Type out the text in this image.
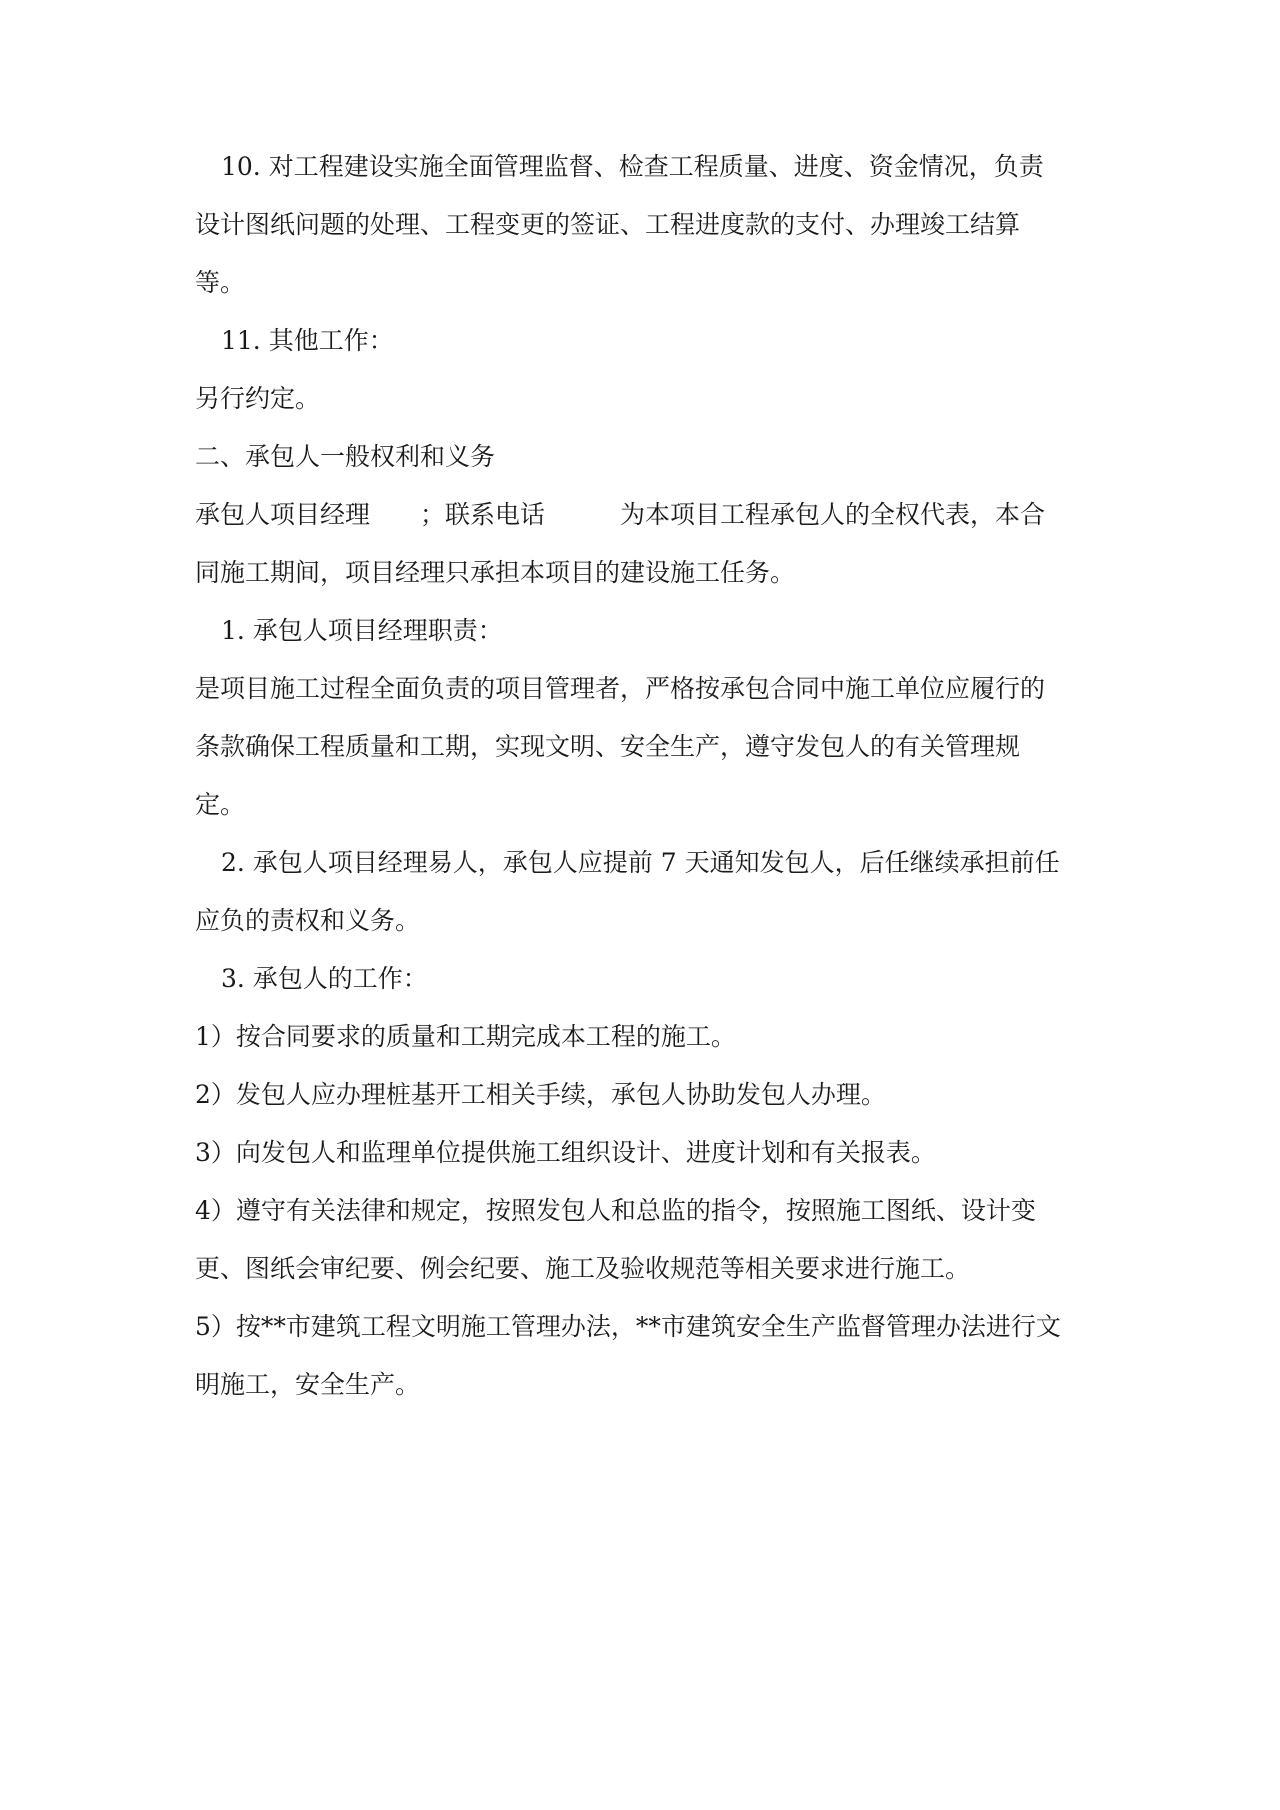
10. 对工程建设实施全面管理监督、检查工程质量、进度、资金情况，负责

设计图纸问题的处理、工程变更的签证、工程进度款的支付、办理竣工结算

等。

11. 其他工作：

另行约定。

二、承包人一般权利和义务

承包人项目经理　　；联系电话　　　为本项目工程承包人的全权代表，本合

同施工期间，项目经理只承担本项目的建设施工任务。

1. 承包人项目经理职责：

是项目施工过程全面负责的项目管理者，严格按承包合同中施工单位应履行的

条款确保工程质量和工期，实现文明、安全生产，遵守发包人的有关管理规

定。

2. 承包人项目经理易人，承包人应提前 7 天通知发包人，后任继续承担前任

应负的责权和义务。

3. 承包人的工作：

1）按合同要求的质量和工期完成本工程的施工。

2）发包人应办理桩基开工相关手续，承包人协助发包人办理。

3）向发包人和监理单位提供施工组织设计、进度计划和有关报表。

4）遵守有关法律和规定，按照发包人和总监的指令，按照施工图纸、设计变

更、图纸会审纪要、例会纪要、施工及验收规范等相关要求进行施工。

5）按**市建筑工程文明施工管理办法，**市建筑安全生产监督管理办法进行文

明施工，安全生产。
